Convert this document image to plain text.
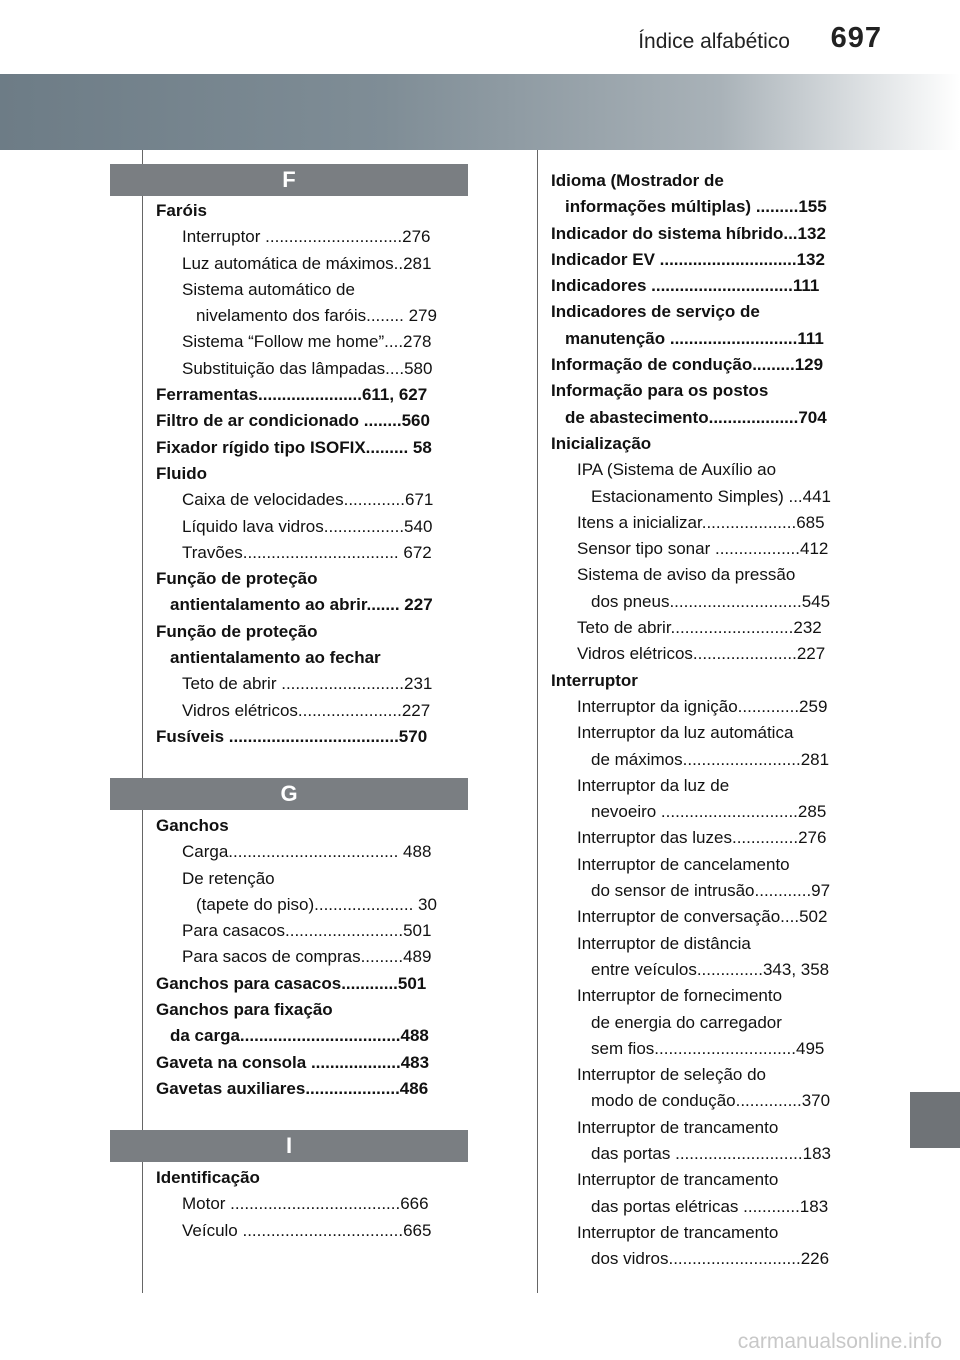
Índice alfabético 697
F
G
I
Faróis
Interruptor .............................276
Luz automática de máximos..281
Sistema automático de
nivelamento dos faróis........ 279
Sistema “Follow me home”....278
Substituição das lâmpadas....580
Ferramentas......................611, 627
Filtro de ar condicionado ........560
Fixador rígido tipo ISOFIX......... 58
Fluido
Caixa de velocidades.............671
Líquido lava vidros.................540
Travões................................. 672
Função de proteção
antientalamento ao abrir....... 227
Função de proteção
antientalamento ao fechar
Teto de abrir ..........................231
Vidros elétricos......................227
Fusíveis ....................................570
Ganchos
Carga.................................... 488
De retenção
(tapete do piso)..................... 30
Para casacos.........................501
Para sacos de compras.........489
Ganchos para casacos............501
Ganchos para fixação
da carga..................................488
Gaveta na consola ...................483
Gavetas auxiliares....................486
Identificação
Motor ....................................666
Veículo ..................................665
Idioma (Mostrador de
informações múltiplas) .........155
Indicador do sistema híbrido...132
Indicador EV .............................132
Indicadores ..............................111
Indicadores de serviço de
manutenção ...........................111
Informação de condução.........129
Informação para os postos
de abastecimento...................704
Inicialização
IPA (Sistema de Auxílio ao
Estacionamento Simples) ...441
Itens a inicializar....................685
Sensor tipo sonar ..................412
Sistema de aviso da pressão
dos pneus............................545
Teto de abrir..........................232
Vidros elétricos......................227
Interruptor
Interruptor da ignição.............259
Interruptor da luz automática
de máximos.........................281
Interruptor da luz de
nevoeiro .............................285
Interruptor das luzes..............276
Interruptor de cancelamento
do sensor de intrusão............97
Interruptor de conversação....502
Interruptor de distância
entre veículos..............343, 358
Interruptor de fornecimento
de energia do carregador
sem fios..............................495
Interruptor de seleção do
modo de condução..............370
Interruptor de trancamento
das portas ...........................183
Interruptor de trancamento
das portas elétricas ............183
Interruptor de trancamento
dos vidros............................226
carmanualsonline.info
